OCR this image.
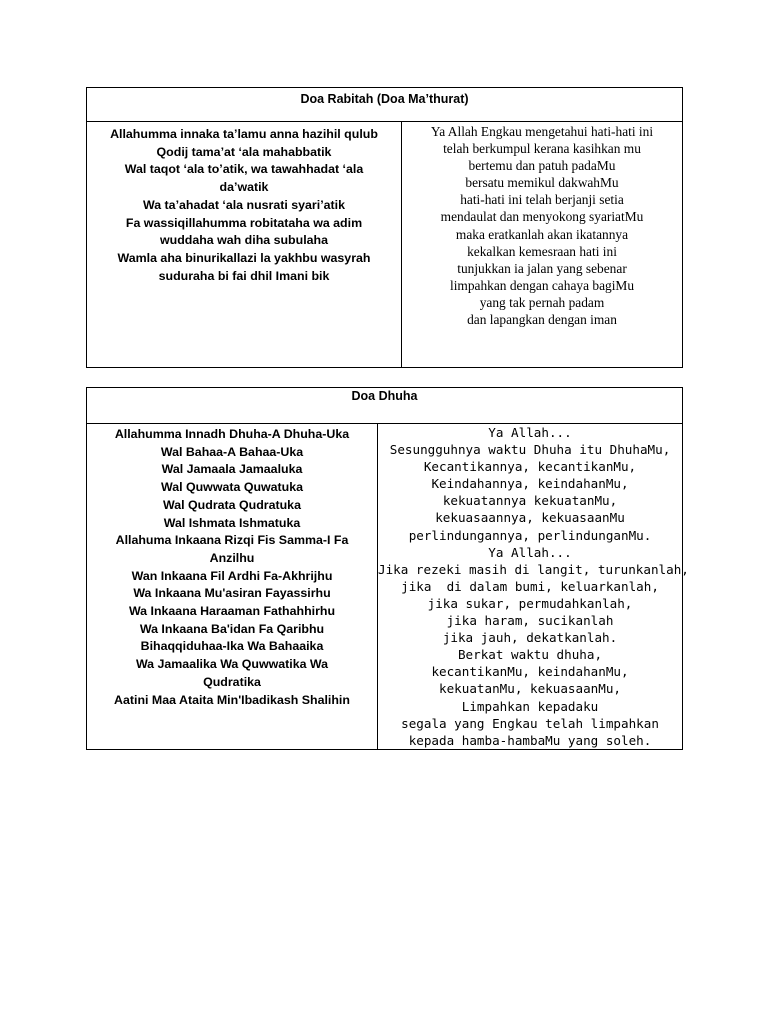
Doa Rabitah (Doa Ma’thurat)

Allahumma innaka ta’lamu anna hazihil qulub
Qodij tama’at ‘ala mahabbatik
Wal taqot ‘ala to’atik, wa tawahhadat ‘ala da’watik
Wa ta’ahadat ‘ala nusrati syari’atik
Fa wassiqillahumma robitataha wa adim wuddaha wah diha subulaha
Wamla aha binurikallazi la yakhbu wasyrah suduraha bi fai dhil Imani bik

Ya Allah Engkau mengetahui hati-hati ini
telah berkumpul kerana kasihkan mu
bertemu dan patuh padaMu
bersatu memikul dakwahMu
hati-hati ini telah berjanji setia
mendaulat dan menyokong syariatMu
maka eratkanlah akan ikatannya
kekalkan kemesraan hati ini
tunjukkan ia jalan yang sebenar
limpahkan dengan cahaya bagiMu
yang tak pernah padam
dan lapangkan dengan iman
Doa Dhuha

Allahumma Innadh Dhuha-A Dhuha-Uka
Wal Bahaa-A Bahaa-Uka
Wal Jamaala Jamaaluka
Wal Quwwata Quwatuka
Wal Qudrata Qudratuka
Wal Ishmata Ishmatuka
Allahuma Inkaana Rizqi Fis Samma-I Fa Anzilhu
Wan Inkaana Fil Ardhi Fa-Akhrijhu
Wa Inkaana Mu'asiran Fayassirhu
Wa Inkaana Haraaman Fathahhirhu
Wa Inkaana Ba'idan Fa Qaribhu
Bihaqqiduhaa-Ika Wa Bahaaika
Wa Jamaalika Wa Quwwatika Wa Qudratika
Aatini Maa Ataita Min'Ibadikash Shalihin

Ya Allah...
Sesungguhnya waktu Dhuha itu DhuhaMu,
Kecantikannya, kecantikanMu,
Keindahannya, keindahanMu,
kekuatannya kekuatanMu,
kekuasaannya, kekuasaanMu
perlindungannya, perlindunganMu.
Ya Allah...
Jika rezeki masih di langit, turunkanlah,
jika  di dalam bumi, keluarkanlah,
jika sukar, permudahkanlah,
jika haram, sucikanlah
jika jauh, dekatkanlah.
Berkat waktu dhuha,
kecantikanMu, keindahanMu,
kekuatanMu, kekuasaanMu,
Limpahkan kepadaku
segala yang Engkau telah limpahkan
kepada hamba-hambaMu yang soleh.
